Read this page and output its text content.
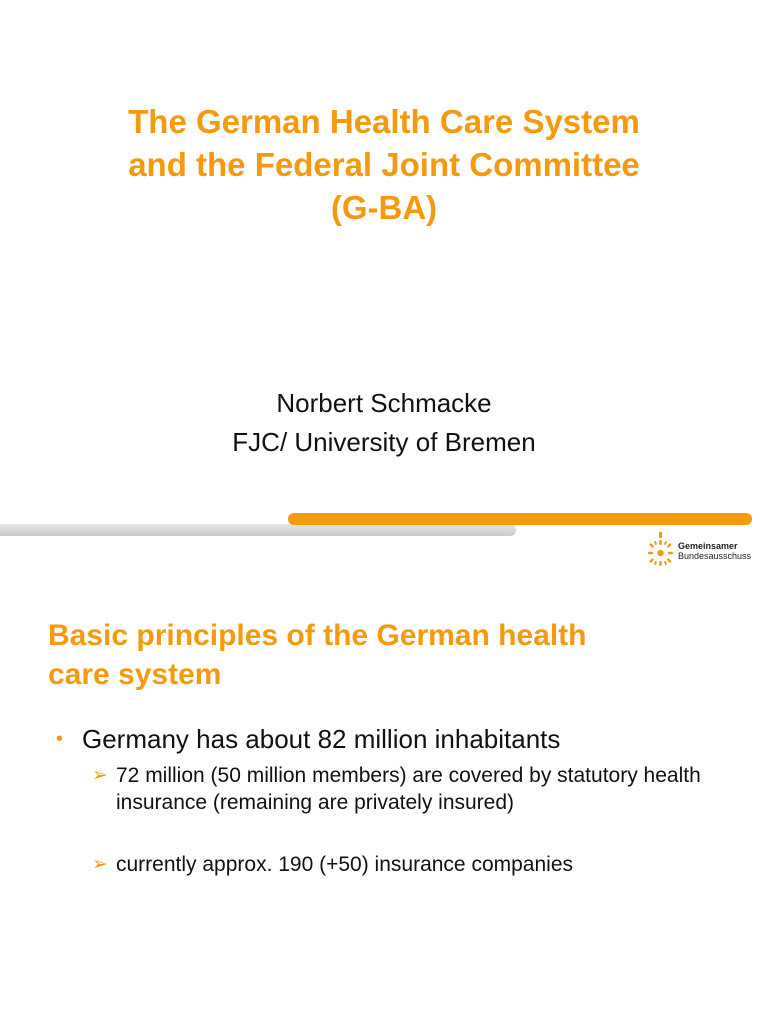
The German Health Care System
and the Federal Joint Committee
(G-BA)

Norbert Schmacke

FJC/ University of Bremen

Gemeinsamer
Bundesausschuss
Basic principles of the German health
care system
• Germany has about 82 million inhabitants
➢ 72 million (50 million members) are covered by statutory health insurance (remaining are privately insured)
➢ currently approx. 190 (+50) insurance companies
